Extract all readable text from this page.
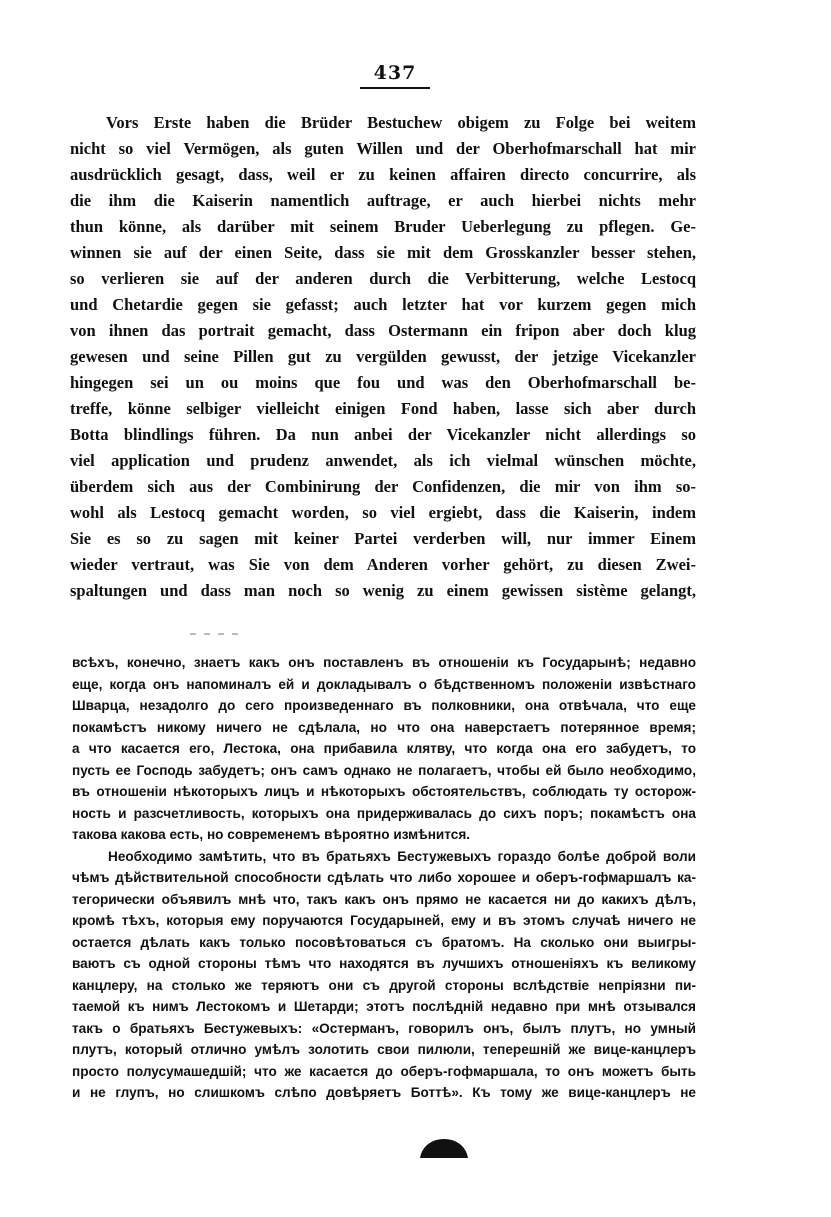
437
Vors Erste haben die Brüder Bestuchew obigem zu Folge bei weitem
nicht so viel Vermögen, als guten Willen und der Oberhofmarschall hat mir
ausdrücklich gesagt, dass, weil er zu keinen affairen directo concurrire, als
die ihm die Kaiserin namentlich auftrage, er auch hierbei nichts mehr
thun könne, als darüber mit seinem Bruder Ueberlegung zu pflegen. Ge-
winnen sie auf der einen Seite, dass sie mit dem Grosskanzler besser stehen,
so verlieren sie auf der anderen durch die Verbitterung, welche Lestocq
und Chetardie gegen sie gefasst; auch letzter hat vor kurzem gegen mich
von ihnen das portrait gemacht, dass Ostermann ein fripon aber doch klug
gewesen und seine Pillen gut zu vergülden gewusst, der jetzige Vicekanzler
hingegen sei un ou moins que fou und was den Oberhofmarschall be-
treffe, könne selbiger vielleicht einigen Fond haben, lasse sich aber durch
Botta blindlings führen. Da nun anbei der Vicekanzler nicht allerdings so
viel application und prudenz anwendet, als ich vielmal wünschen möchte,
überdem sich aus der Combinirung der Confidenzen, die mir von ihm so-
wohl als Lestocq gemacht worden, so viel ergiebt, dass die Kaiserin, indem
Sie es so zu sagen mit keiner Partei verderben will, nur immer Einem
wieder vertraut, was Sie von dem Anderen vorher gehört, zu diesen Zwei-
spaltungen und dass man noch so wenig zu einem gewissen sistème gelangt,
всѣхъ, конечно, знаетъ какъ онъ поставленъ въ отношенiи къ Государынѣ; недавно
еще, когда онъ напоминалъ ей и докладывалъ о бѣдственномъ положенiи извѣстнаго
Шварца, незадолго до сего произведеннаго въ полковники, она отвѣчала, что еще
покамѣстъ никому ничего не сдѣлала, но что она наверстаетъ потерянное время;
а что касается его, Лестока, она прибавила клятву, что когда она его забудетъ, то
пусть ее Господь забудетъ; онъ самъ однако не полагаетъ, чтобы ей было необходимо,
въ отношенiи нѣкоторыхъ лицъ и нѣкоторыхъ обстоятельствъ, соблюдать ту осторож-
ность и разсчетливость, которыхъ она придерживалась до сихъ поръ; покамѣстъ она
такова какова есть, но современемъ вѣроятно измѣнится.
Необходимо замѣтить, что въ братьяхъ Бестужевыхъ гораздо болѣе доброй воли
чѣмъ дѣйствительной способности сдѣлать что либо хорошее и оберъ-гофмаршалъ ка-
тегорически объявилъ мнѣ что, такъ какъ онъ прямо не касается ни до какихъ дѣлъ,
кромѣ тѣхъ, которыя ему поручаются Государыней, ему и въ этомъ случаѣ ничего не
остается дѣлать какъ только посовѣтоваться съ братомъ. На сколько они выигры-
ваютъ съ одной стороны тѣмъ что находятся въ лучшихъ отношенiяхъ къ великому
канцлеру, на столько же теряютъ они съ другой стороны вслѣдствiе непрiязни пи-
таемой къ нимъ Лестокомъ и Шетарди; этотъ послѣднiй недавно при мнѣ отзывался
такъ о братьяхъ Бестужевыхъ: «Остерманъ, говорилъ онъ, былъ плутъ, но умный
плутъ, который отлично умѣлъ золотить свои пилюли, теперешнiй же вице-канцлеръ
просто полусумашедшiй; что же касается до оберъ-гофмаршала, то онъ можетъ быть
и не глупъ, но слишкомъ слѣпо довѣряетъ Боттѣ». Къ тому же вице-канцлеръ не
